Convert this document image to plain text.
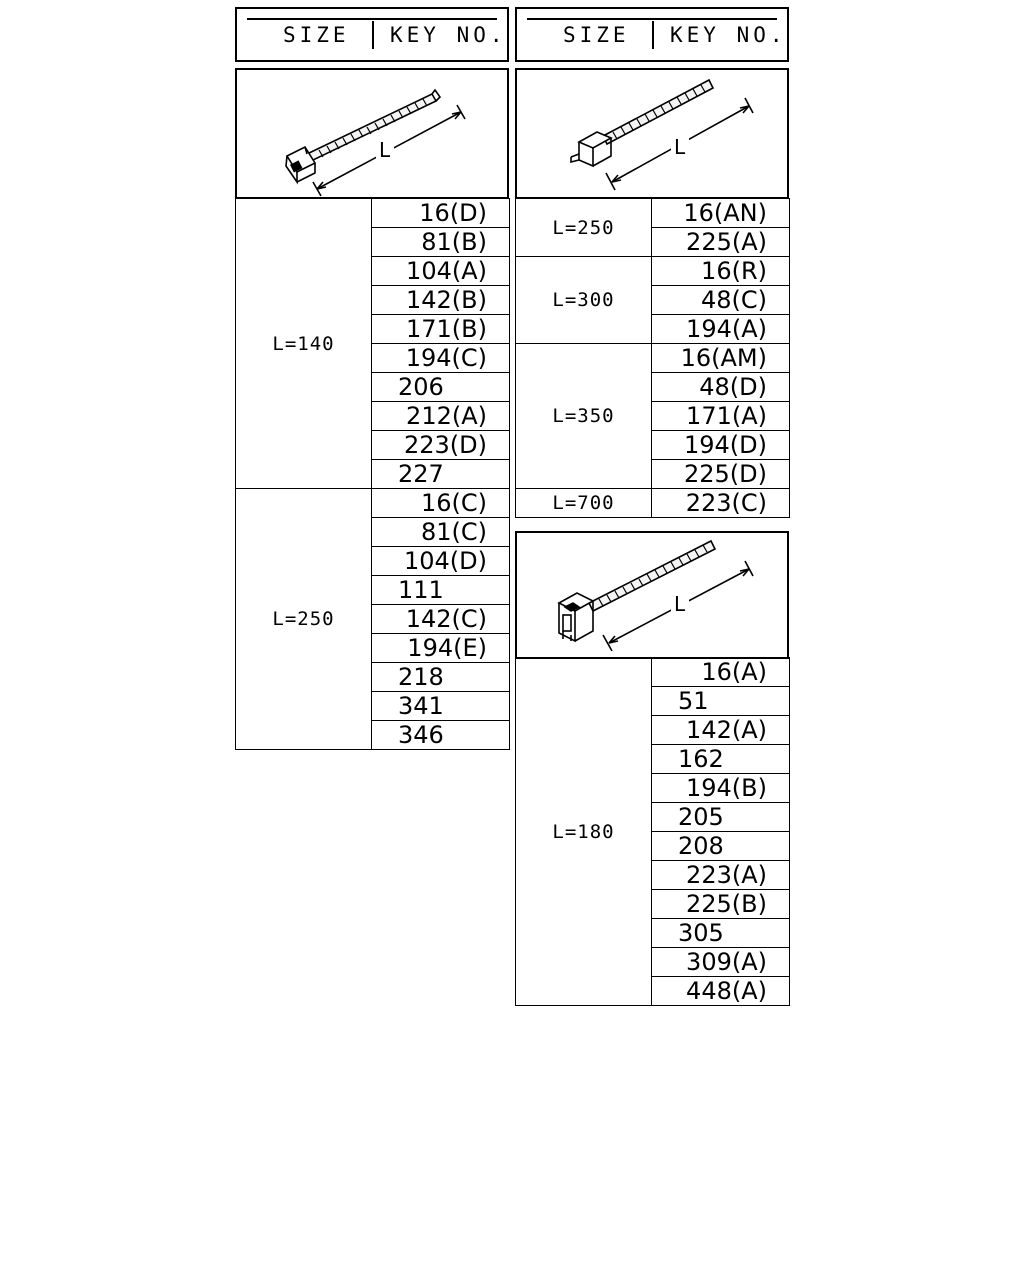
SIZE KEY NO.	SIZE KEY NO.
L	L
L=140	16(D)
	81(B)
	104(A)
	142(B)
	171(B)
	194(C)
	206
	212(A)
	223(D)
	227
L=250	16(C)
	81(C)
	104(D)
	111
	142(C)
	194(E)
	218
	341
	346
L=250	16(AN)
	225(A)
L=300	16(R)
	48(C)
	194(A)
L=350	16(AM)
	48(D)
	171(A)
	194(D)
	225(D)
L=700	223(C)
L
L=180	16(A)
51
142(A)
162
194(B)
205
208
223(A)
225(B)
305
309(A)
448(A)
